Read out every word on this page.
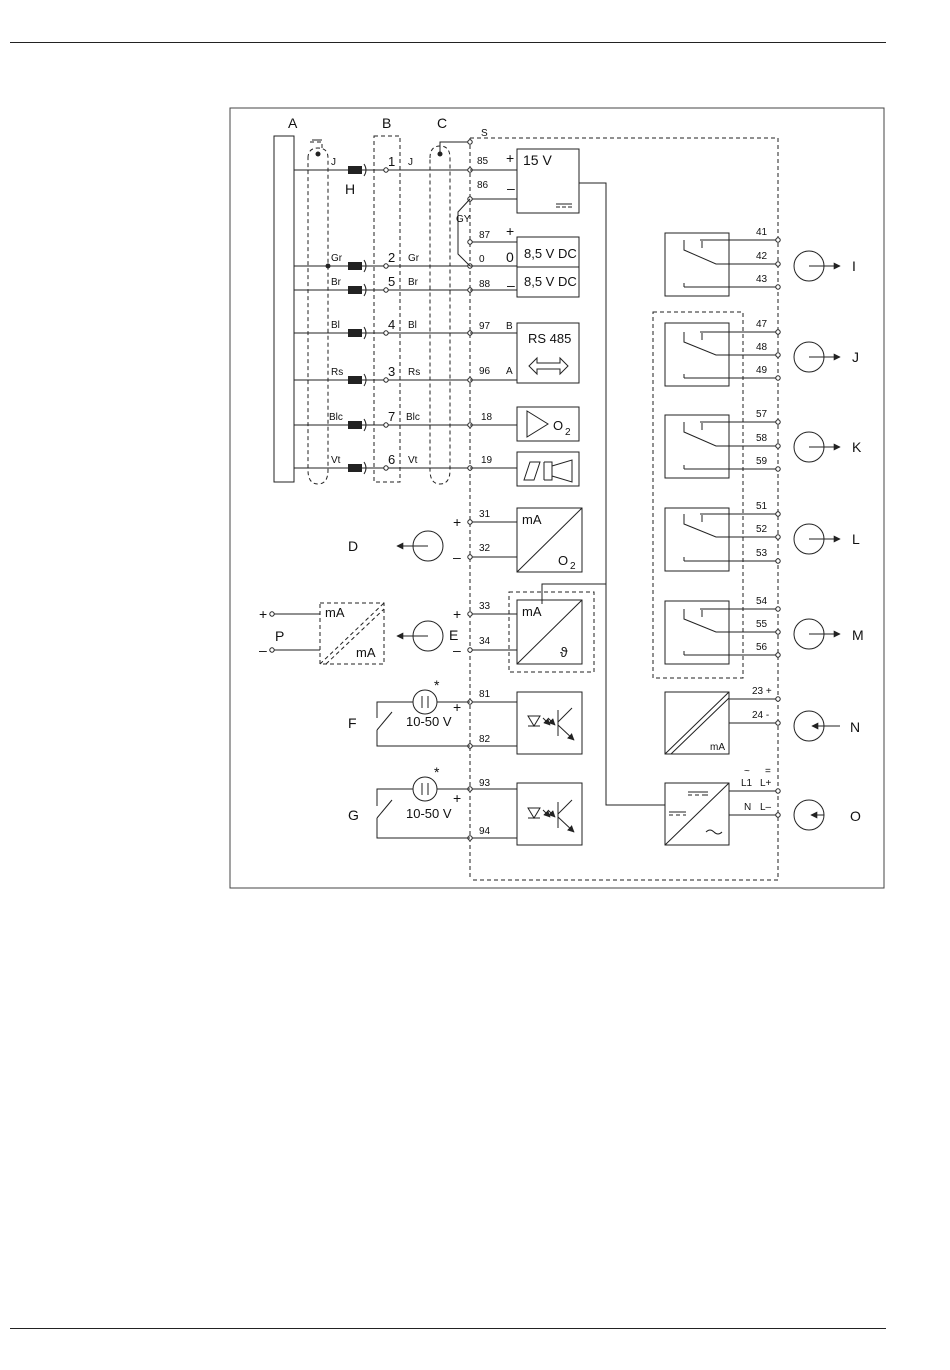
A	B	C
S
J	1 J
Gr	2 Gr
Br	5 Br
Bl	4 Bl
Rs	3 Rs
Blc	7 Blc
Vt	6 Vt
H
15 V
+
85
86 –
GY
8,5 V DC
8,5 V DC
0
+
–
87
0
88
RS 485
97
96
B
A
O 2
18
19
mA
O 2
31
32
+
–
D
mA
ϑ
33
34
+
–
E
mA
mA
+
–
P
81
82
*
+
10-50 V
F
93
94
*
+
10-50 V
G
41
42
43
I
47
48
49
J
57
58
59
K
51
52
53
L
54
55
56
M
mA
23 +
24 -
N
~ =
L1 L+
N L–
O
